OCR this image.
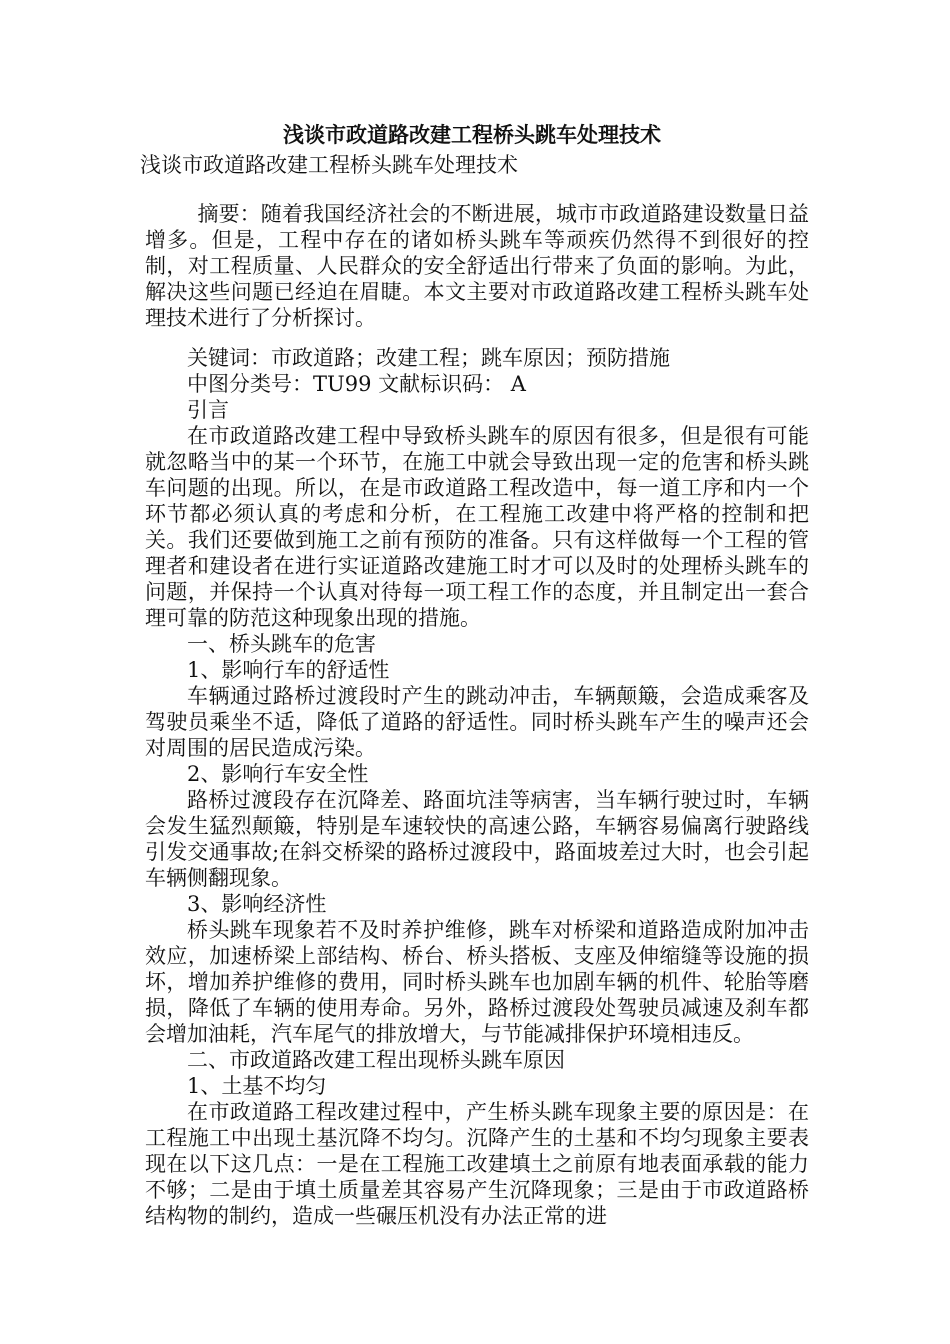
浅谈市政道路改建工程桥头跳车处理技术
浅谈市政道路改建工程桥头跳车处理技术

摘要：随着我国经济社会的不断进展，城市市政道路建设数量日益增多。但是，工程中存在的诸如桥头跳车等顽疾仍然得不到很好的控制，对工程质量、人民群众的安全舒适出行带来了负面的影响。为此，解决这些问题已经迫在眉睫。本文主要对市政道路改建工程桥头跳车处理技术进行了分析探讨。

关键词：市政道路；改建工程；跳车原因；预防措施

中图分类号：TU99 文献标识码： A

引言

在市政道路改建工程中导致桥头跳车的原因有很多，但是很有可能就忽略当中的某一个环节，在施工中就会导致出现一定的危害和桥头跳车问题的出现。所以，在是市政道路工程改造中，每一道工序和内一个环节都必须认真的考虑和分析，在工程施工改建中将严格的控制和把关。我们还要做到施工之前有预防的准备。只有这样做每一个工程的管理者和建设者在进行实证道路改建施工时才可以及时的处理桥头跳车的问题，并保持一个认真对待每一项工程工作的态度，并且制定出一套合理可靠的防范这种现象出现的措施。

一、桥头跳车的危害

1、影响行车的舒适性

车辆通过路桥过渡段时产生的跳动冲击，车辆颠簸，会造成乘客及驾驶员乘坐不适，降低了道路的舒适性。同时桥头跳车产生的噪声还会对周围的居民造成污染。

2、影响行车安全性

路桥过渡段存在沉降差、路面坑洼等病害，当车辆行驶过时，车辆会发生猛烈颠簸，特别是车速较快的高速公路，车辆容易偏离行驶路线引发交通事故;在斜交桥梁的路桥过渡段中，路面坡差过大时，也会引起车辆侧翻现象。

3、影响经济性

桥头跳车现象若不及时养护维修，跳车对桥梁和道路造成附加冲击效应，加速桥梁上部结构、桥台、桥头搭板、支座及伸缩缝等设施的损坏，增加养护维修的费用，同时桥头跳车也加剧车辆的机件、轮胎等磨损，降低了车辆的使用寿命。另外，路桥过渡段处驾驶员减速及刹车都会增加油耗，汽车尾气的排放增大，与节能减排保护环境相违反。

二、市政道路改建工程出现桥头跳车原因

1、土基不均匀

在市政道路工程改建过程中，产生桥头跳车现象主要的原因是：在工程施工中出现土基沉降不均匀。沉降产生的土基和不均匀现象主要表现在以下这几点：一是在工程施工改建填土之前原有地表面承载的能力不够；二是由于填土质量差其容易产生沉降现象；三是由于市政道路桥结构物的制约，造成一些碾压机没有办法正常的进
